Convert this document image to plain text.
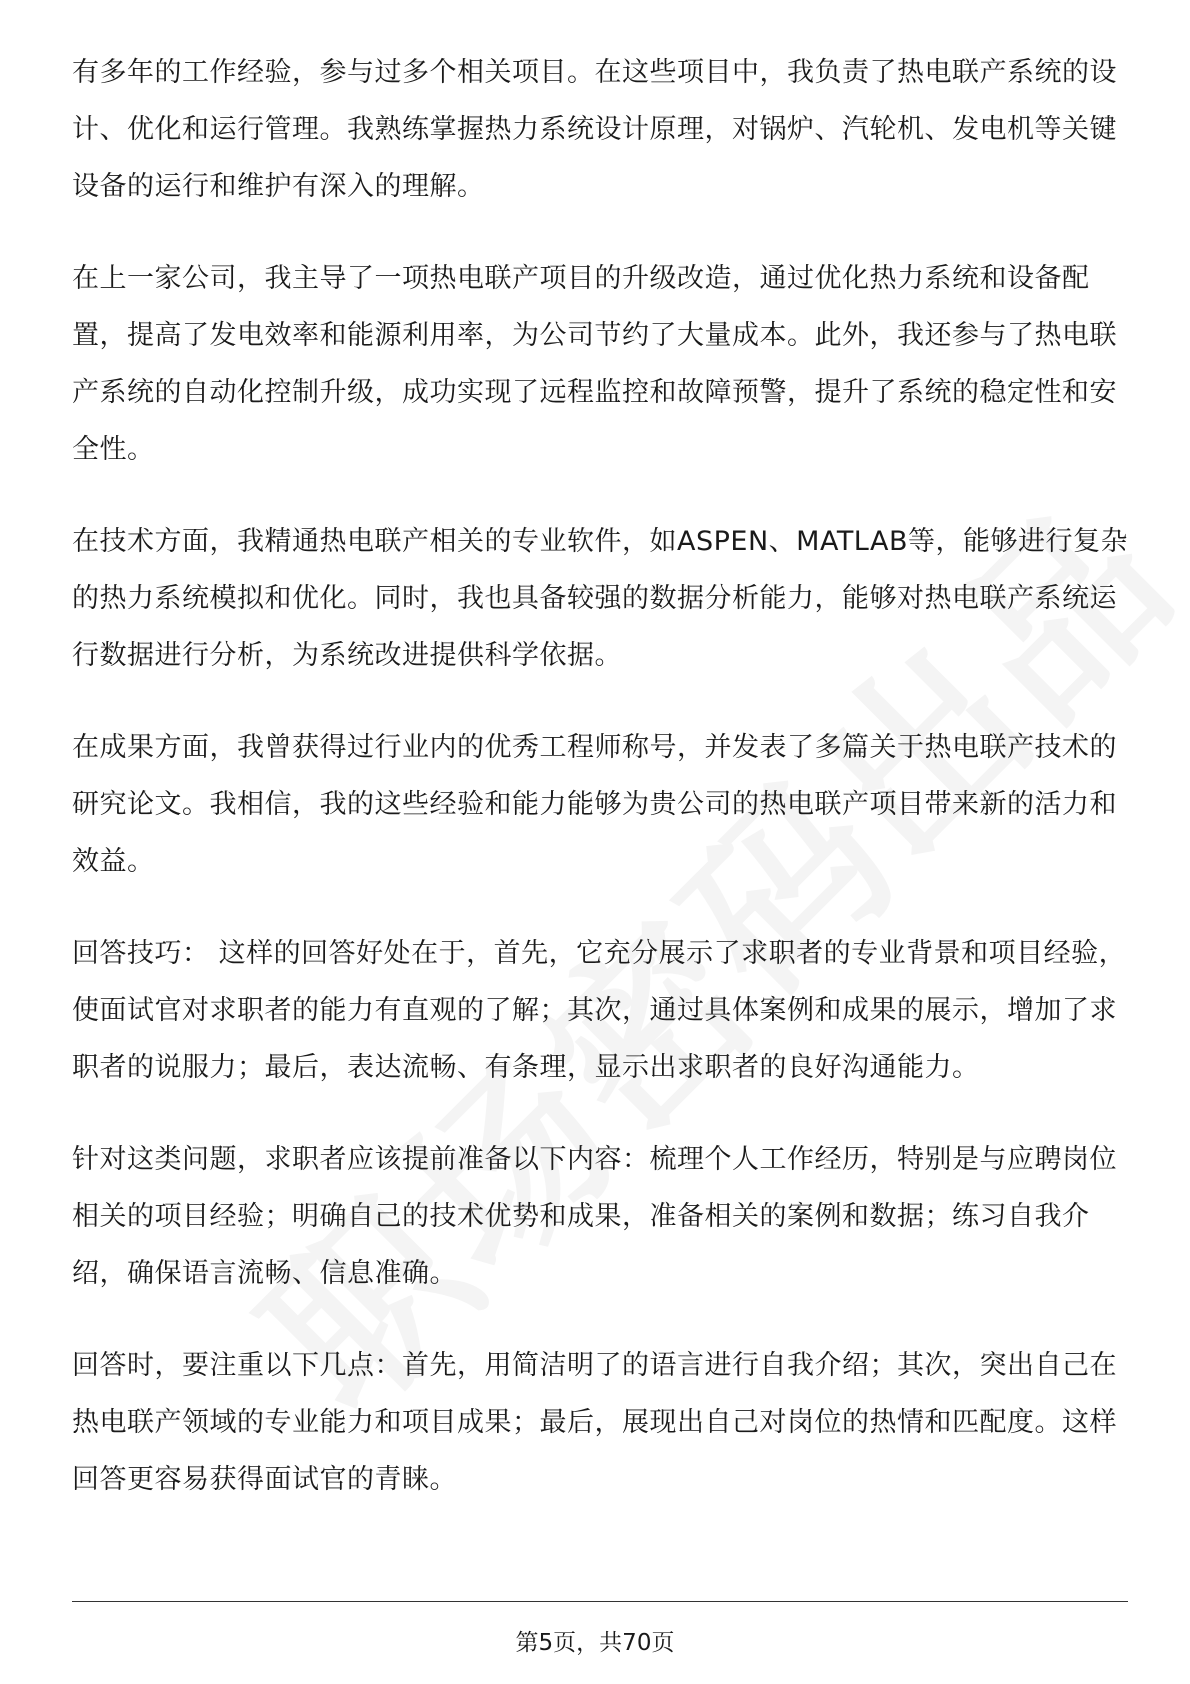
有多年的工作经验，参与过多个相关项目。在这些项目中，我负责了热电联产系统的设计、优化和运行管理。我熟练掌握热力系统设计原理，对锅炉、汽轮机、发电机等关键设备的运行和维护有深入的理解。

在上一家公司，我主导了一项热电联产项目的升级改造，通过优化热力系统和设备配置，提高了发电效率和能源利用率，为公司节约了大量成本。此外，我还参与了热电联产系统的自动化控制升级，成功实现了远程监控和故障预警，提升了系统的稳定性和安全性。

在技术方面，我精通热电联产相关的专业软件，如ASPEN、MATLAB等，能够进行复杂的热力系统模拟和优化。同时，我也具备较强的数据分析能力，能够对热电联产系统运行数据进行分析，为系统改进提供科学依据。

在成果方面，我曾获得过行业内的优秀工程师称号，并发表了多篇关于热电联产技术的研究论文。我相信，我的这些经验和能力能够为贵公司的热电联产项目带来新的活力和效益。

回答技巧： 这样的回答好处在于，首先，它充分展示了求职者的专业背景和项目经验，使面试官对求职者的能力有直观的了解；其次，通过具体案例和成果的展示，增加了求职者的说服力；最后，表达流畅、有条理，显示出求职者的良好沟通能力。

针对这类问题，求职者应该提前准备以下内容：梳理个人工作经历，特别是与应聘岗位相关的项目经验；明确自己的技术优势和成果，准备相关的案例和数据；练习自我介绍，确保语言流畅、信息准确。

回答时，要注重以下几点：首先，用简洁明了的语言进行自我介绍；其次，突出自己在热电联产领域的专业能力和项目成果；最后，展现出自己对岗位的热情和匹配度。这样回答更容易获得面试官的青睐。

第5页，共70页
